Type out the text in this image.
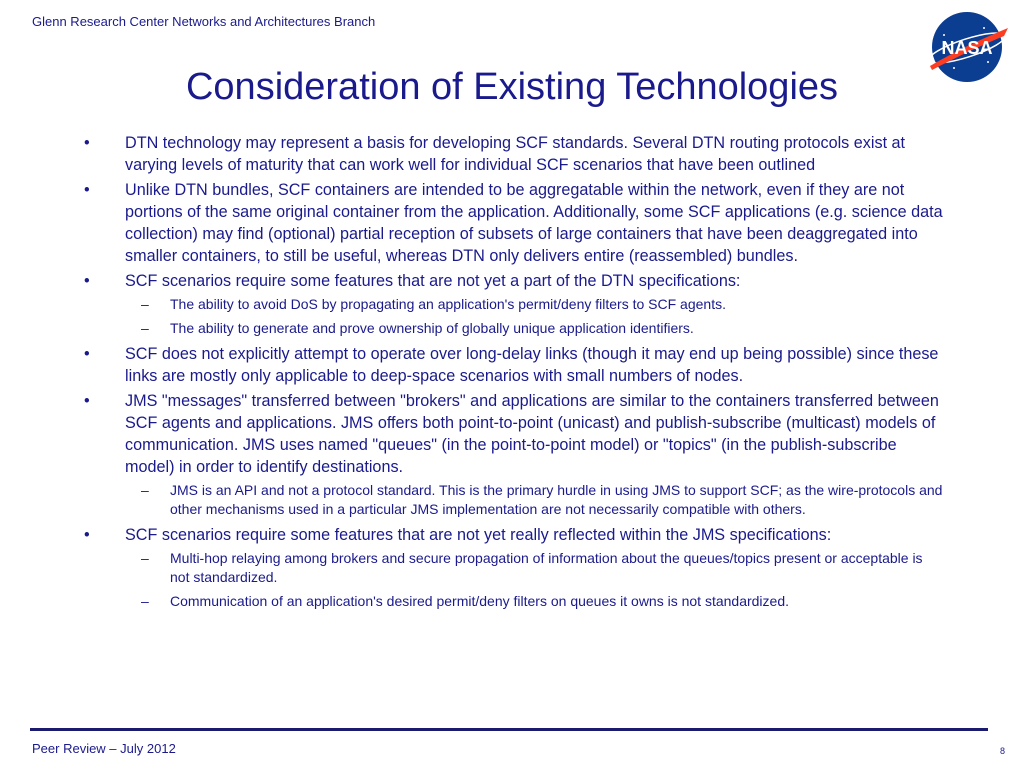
Glenn Research Center Networks and Architectures Branch
NASA
Consideration of Existing Technologies
• DTN technology may represent a basis for developing SCF standards. Several DTN routing protocols exist at varying levels of maturity that can work well for individual SCF scenarios that have been outlined
• Unlike DTN bundles, SCF containers are intended to be aggregatable within the network, even if they are not portions of the same original container from the application. Additionally, some SCF applications (e.g. science data collection) may find (optional) partial reception of subsets of large containers that have been deaggregated into smaller containers, to still be useful, whereas DTN only delivers entire (reassembled) bundles.
• SCF scenarios require some features that are not yet a part of the DTN specifications:
– The ability to avoid DoS by propagating an application's permit/deny filters to SCF agents.
– The ability to generate and prove ownership of globally unique application identifiers.
• SCF does not explicitly attempt to operate over long-delay links (though it may end up being possible) since these links are mostly only applicable to deep-space scenarios with small numbers of nodes.
• JMS "messages" transferred between "brokers" and applications are similar to the containers transferred between SCF agents and applications. JMS offers both point-to-point (unicast) and publish-subscribe (multicast) models of communication. JMS uses named "queues" (in the point-to-point model) or "topics" (in the publish-subscribe model) in order to identify destinations.
– JMS is an API and not a protocol standard. This is the primary hurdle in using JMS to support SCF; as the wire-protocols and other mechanisms used in a particular JMS implementation are not necessarily compatible with others.
• SCF scenarios require some features that are not yet really reflected within the JMS specifications:
– Multi-hop relaying among brokers and secure propagation of information about the queues/topics present or acceptable is not standardized.
– Communication of an application's desired permit/deny filters on queues it owns is not standardized.
Peer Review – July 2012	8
